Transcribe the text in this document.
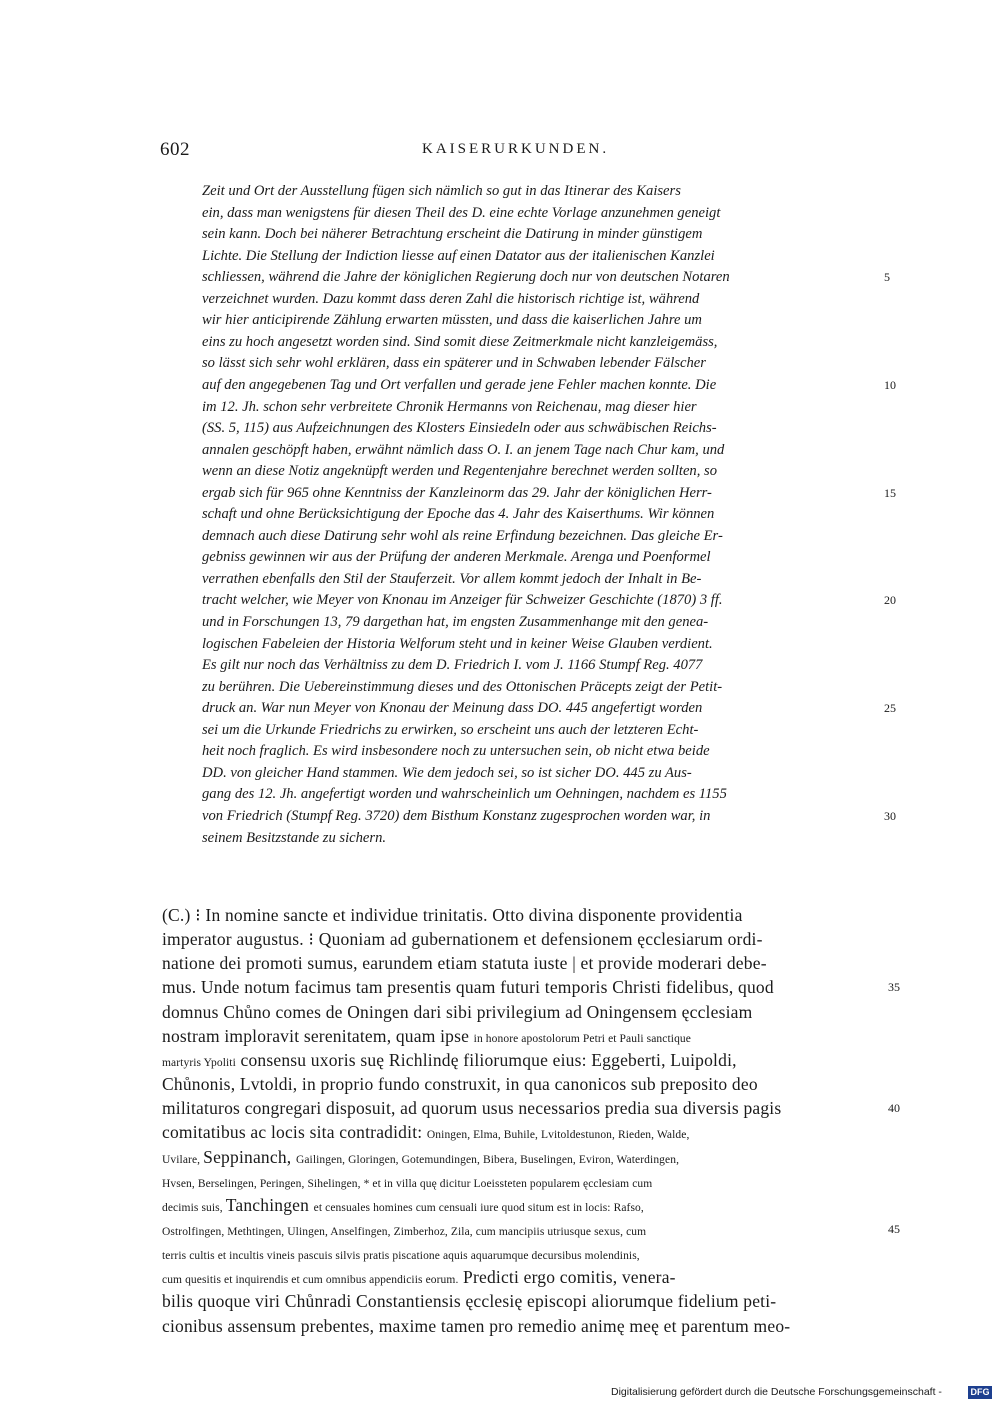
602	KAISERURKUNDEN.
Zeit und Ort der Ausstellung fügen sich nämlich so gut in das Itinerar des Kaisers
ein, dass man wenigstens für diesen Theil des D. eine echte Vorlage anzunehmen geneigt
sein kann. Doch bei näherer Betrachtung erscheint die Datirung in minder günstigem
Lichte. Die Stellung der Indiction liesse auf einen Datator aus der italienischen Kanzlei
schliessen, während die Jahre der königlichen Regierung doch nur von deutschen Notaren
verzeichnet wurden. Dazu kommt dass deren Zahl die historisch richtige ist, während
wir hier anticipirende Zählung erwarten müssten, und dass die kaiserlichen Jahre um
eins zu hoch angesetzt worden sind. Sind somit diese Zeitmerkmale nicht kanzleigemäss,
so lässt sich sehr wohl erklären, dass ein späterer und in Schwaben lebender Fälscher
auf den angegebenen Tag und Ort verfallen und gerade jene Fehler machen konnte. Die
im 12. Jh. schon sehr verbreitete Chronik Hermanns von Reichenau, mag dieser hier
(SS. 5, 115) aus Aufzeichnungen des Klosters Einsiedeln oder aus schwäbischen Reichs-
annalen geschöpft haben, erwähnt nämlich dass O. I. an jenem Tage nach Chur kam, und
wenn an diese Notiz angeknüpft werden und Regentenjahre berechnet werden sollten, so
ergab sich für 965 ohne Kenntniss der Kanzleinorm das 29. Jahr der königlichen Herr-
schaft und ohne Berücksichtigung der Epoche das 4. Jahr des Kaiserthums. Wir können
demnach auch diese Datirung sehr wohl als reine Erfindung bezeichnen. Das gleiche Er-
gebniss gewinnen wir aus der Prüfung der anderen Merkmale. Arenga und Poenformel
verrathen ebenfalls den Stil der Stauferzeit. Vor allem kommt jedoch der Inhalt in Be-
tracht welcher, wie Meyer von Knonau im Anzeiger für Schweizer Geschichte (1870) 3 ff.
und in Forschungen 13, 79 dargethan hat, im engsten Zusammenhange mit den genea-
logischen Fabeleien der Historia Welforum steht und in keiner Weise Glauben verdient.
Es gilt nur noch das Verhältniss zu dem D. Friedrich I. vom J. 1166 Stumpf Reg. 4077
zu berühren. Die Uebereinstimmung dieses und des Ottonischen Präcepts zeigt der Petit-
druck an. War nun Meyer von Knonau der Meinung dass DO. 445 angefertigt worden
sei um die Urkunde Friedrichs zu erwirken, so erscheint uns auch der letzteren Echt-
heit noch fraglich. Es wird insbesondere noch zu untersuchen sein, ob nicht etwa beide
DD. von gleicher Hand stammen. Wie dem jedoch sei, so ist sicher DO. 445 zu Aus-
gang des 12. Jh. angefertigt worden und wahrscheinlich um Oehningen, nachdem es 1155
von Friedrich (Stumpf Reg. 3720) dem Bisthum Konstanz zugesprochen worden war, in
seinem Besitzstande zu sichern.
5
10
15
20
25
30
(C.) ⁝ In nomine sancte et individue trinitatis. Otto divina disponente providentia
imperator augustus. ⁝ Quoniam ad gubernationem et defensionem ęcclesiarum ordi-
natione dei promoti sumus, earundem etiam statuta iuste | et provide moderari debe-
mus. Unde notum facimus tam presentis quam futuri temporis Christi fidelibus, quod
domnus Chůno comes de Oningen dari sibi privilegium ad Oningensem ęcclesiam
nostram imploravit serenitatem, quam ipse in honore apostolorum Petri et Pauli sanctique
martyris Ypoliti consensu uxoris suę Richlindę filiorumque eius: Eggeberti, Luipoldi,
Chůnonis, Lvtoldi, in proprio fundo construxit, in qua canonicos sub preposito deo
militaturos congregari disposuit, ad quorum usus necessarios predia sua diversis pagis
comitatibus ac locis sita contradidit: Oningen, Elma, Buhile, Lvitoldestunon, Rieden, Walde,
Uvilare, Seppinanch, Gailingen, Gloringen, Gotemundingen, Bibera, Buselingen, Eviron, Waterdingen,
Hvsen, Berselingen, Peringen, Sihelingen, * et in villa quę dicitur Loeissteten popularem ęcclesiam cum
decimis suis, Tanchingen et censuales homines cum censuali iure quod situm est in locis: Rafso,
Ostrolfingen, Methtingen, Ulingen, Anselfingen, Zimberhoz, Zila, cum mancipiis utriusque sexus, cum
terris cultis et incultis vineis pascuis silvis pratis piscatione aquis aquarumque decursibus molendinis,
cum quesitis et inquirendis et cum omnibus appendiciis eorum. Predicti ergo comitis, venera-
bilis quoque viri Chůnradi Constantiensis ęcclesię episcopi aliorumque fidelium peti-
cionibus assensum prebentes, maxime tamen pro remedio animę meę et parentum meo-
35
40
45
Digitalisierung gefördert durch die Deutsche Forschungsgemeinschaft -	DFG
